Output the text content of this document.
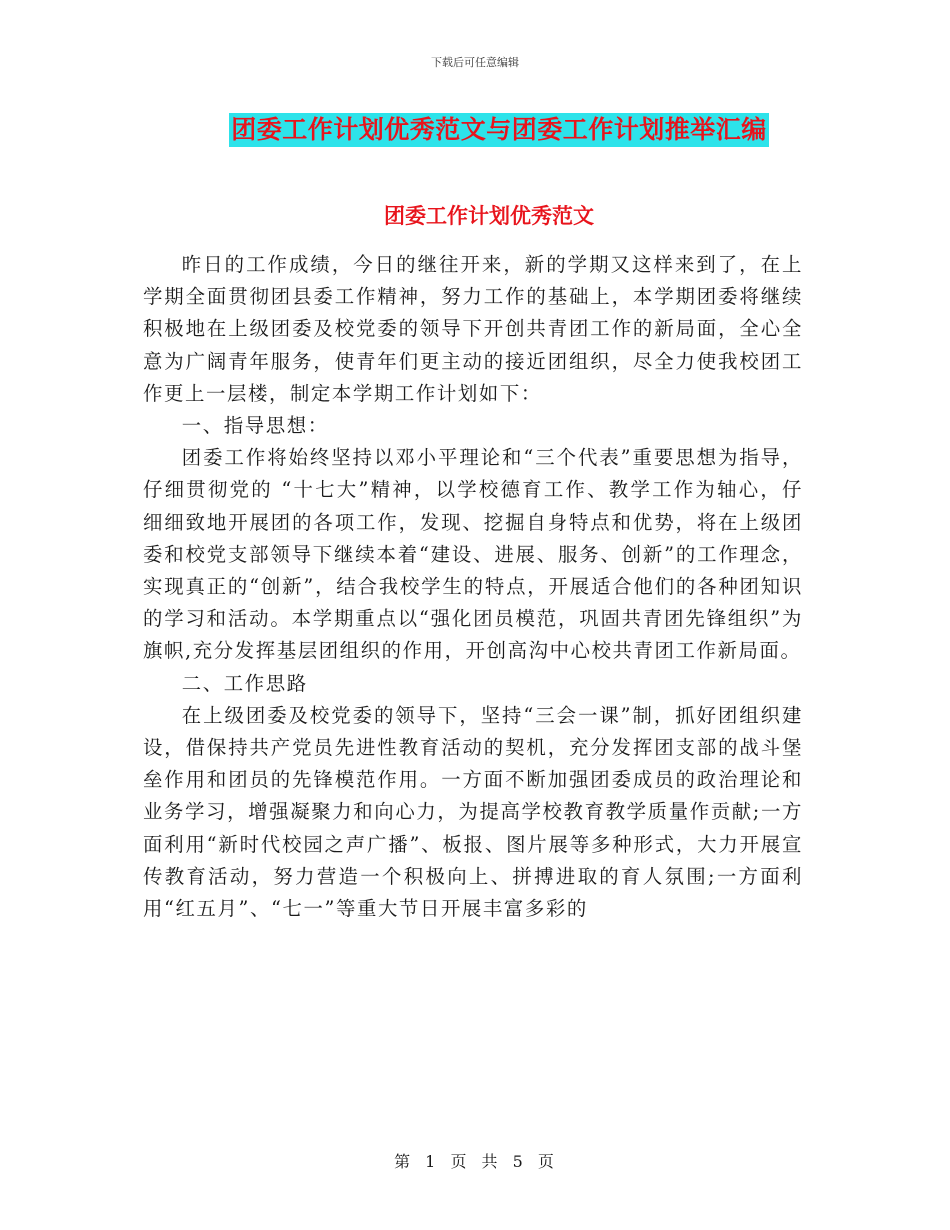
下载后可任意编辑
团委工作计划优秀范文与团委工作计划推举汇编
团委工作计划优秀范文

昨日的工作成绩，今日的继往开来，新的学期又这样来到了，在上学期全面贯彻团县委工作精神，努力工作的基础上，本学期团委将继续积极地在上级团委及校党委的领导下开创共青团工作的新局面，全心全意为广阔青年服务，使青年们更主动的接近团组织，尽全力使我校团工作更上一层楼，制定本学期工作计划如下：

一、指导思想：

团委工作将始终坚持以邓小平理论和“三个代表”重要思想为指导，仔细贯彻党的 “十七大”精神，以学校德育工作、教学工作为轴心，仔细细致地开展团的各项工作，发现、挖掘自身特点和优势，将在上级团委和校党支部领导下继续本着“建设、进展、服务、创新”的工作理念，实现真正的“创新”，结合我校学生的特点，开展适合他们的各种团知识的学习和活动。本学期重点以“强化团员模范，巩固共青团先锋组织”为旗帜,充分发挥基层团组织的作用，开创高沟中心校共青团工作新局面。

二、工作思路

在上级团委及校党委的领导下，坚持“三会一课”制，抓好团组织建设，借保持共产党员先进性教育活动的契机，充分发挥团支部的战斗堡垒作用和团员的先锋模范作用。一方面不断加强团委成员的政治理论和业务学习，增强凝聚力和向心力，为提高学校教育教学质量作贡献;一方面利用“新时代校园之声广播”、板报、图片展等多种形式，大力开展宣传教育活动，努力营造一个积极向上、拼搏进取的育人氛围;一方面利用“红五月”、“七一”等重大节日开展丰富多彩的

第 1 页 共 5 页
